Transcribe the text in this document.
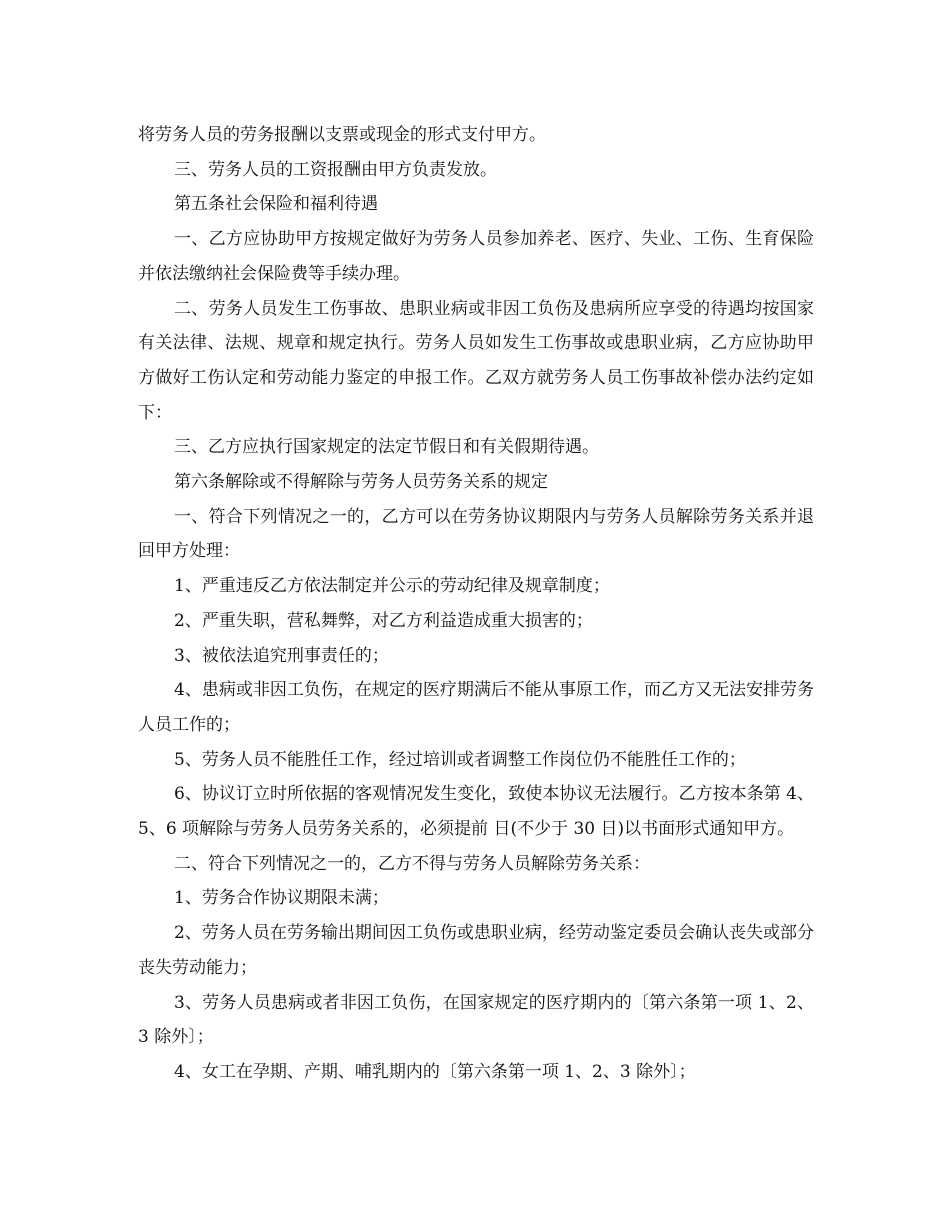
将劳务人员的劳务报酬以支票或现金的形式支付甲方。

三、劳务人员的工资报酬由甲方负责发放。

第五条社会保险和福利待遇

一、乙方应协助甲方按规定做好为劳务人员参加养老、医疗、失业、工伤、生育保险并依法缴纳社会保险费等手续办理。

二、劳务人员发生工伤事故、患职业病或非因工负伤及患病所应享受的待遇均按国家有关法律、法规、规章和规定执行。劳务人员如发生工伤事故或患职业病，乙方应协助甲方做好工伤认定和劳动能力鉴定的申报工作。乙双方就劳务人员工伤事故补偿办法约定如下：

三、乙方应执行国家规定的法定节假日和有关假期待遇。

第六条解除或不得解除与劳务人员劳务关系的规定

一、符合下列情况之一的，乙方可以在劳务协议期限内与劳务人员解除劳务关系并退回甲方处理：

1、严重违反乙方依法制定并公示的劳动纪律及规章制度；

2、严重失职，营私舞弊，对乙方利益造成重大损害的；

3、被依法追究刑事责任的；

4、患病或非因工负伤，在规定的医疗期满后不能从事原工作，而乙方又无法安排劳务人员工作的；

5、劳务人员不能胜任工作，经过培训或者调整工作岗位仍不能胜任工作的；

6、协议订立时所依据的客观情况发生变化，致使本协议无法履行。乙方按本条第 4、5、6 项解除与劳务人员劳务关系的，必须提前 日(不少于 30 日)以书面形式通知甲方。

二、符合下列情况之一的，乙方不得与劳务人员解除劳务关系：

1、劳务合作协议期限未满；

2、劳务人员在劳务输出期间因工负伤或患职业病，经劳动鉴定委员会确认丧失或部分丧失劳动能力；

3、劳务人员患病或者非因工负伤，在国家规定的医疗期内的〔第六条第一项 1、2、3 除外〕；

4、女工在孕期、产期、哺乳期内的〔第六条第一项 1、2、3 除外〕；
